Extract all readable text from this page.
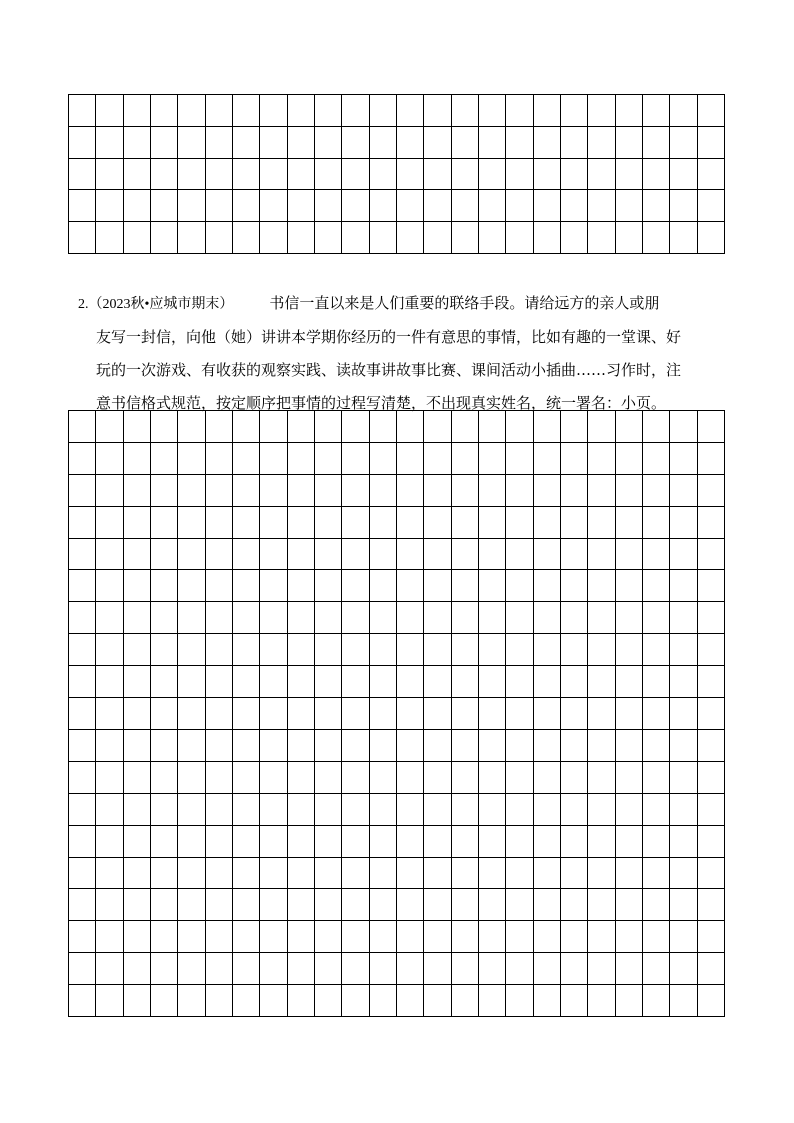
2.（2023秋•应城市期末） 书信一直以来是人们重要的联络手段。请给远方的亲人或朋
友写一封信，向他（她）讲讲本学期你经历的一件有意思的事情，比如有趣的一堂课、好
玩的一次游戏、有收获的观察实践、读故事讲故事比赛、课间活动小插曲……习作时，注
意书信格式规范，按定顺序把事情的过程写清楚，不出现真实姓名，统一署名：小页。
